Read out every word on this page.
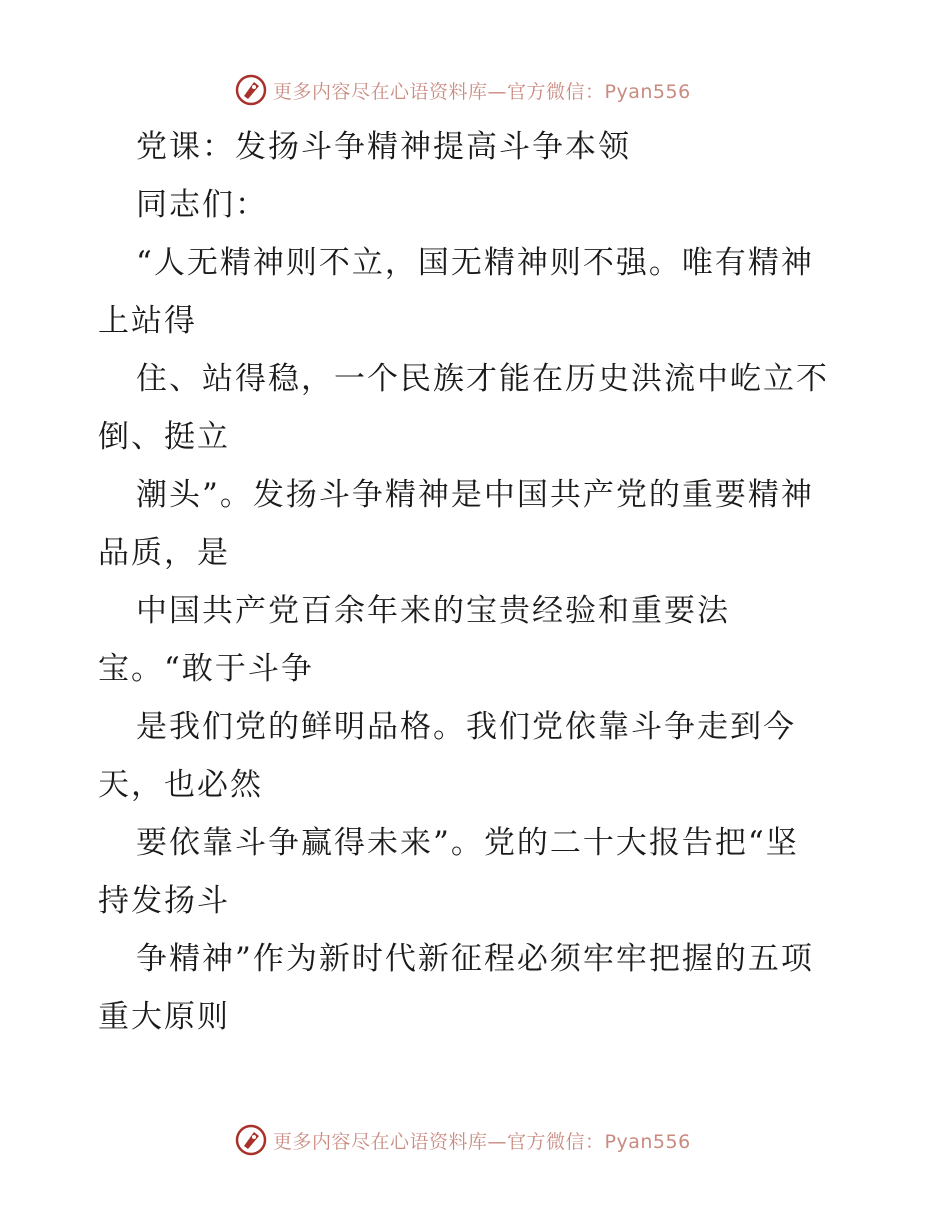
更多内容尽在心语资料库—官方微信：Pyan556
党课：发扬斗争精神提高斗争本领
同志们：
“人无精神则不立，国无精神则不强。唯有精神
上站得
住、站得稳，一个民族才能在历史洪流中屹立不
倒、挺立
潮头”。发扬斗争精神是中国共产党的重要精神
品质，是
中国共产党百余年来的宝贵经验和重要法
宝。“敢于斗争
是我们党的鲜明品格。我们党依靠斗争走到今
天，也必然
要依靠斗争赢得未来”。党的二十大报告把“坚
持发扬斗
争精神”作为新时代新征程必须牢牢把握的五项
重大原则
更多内容尽在心语资料库—官方微信：Pyan556
